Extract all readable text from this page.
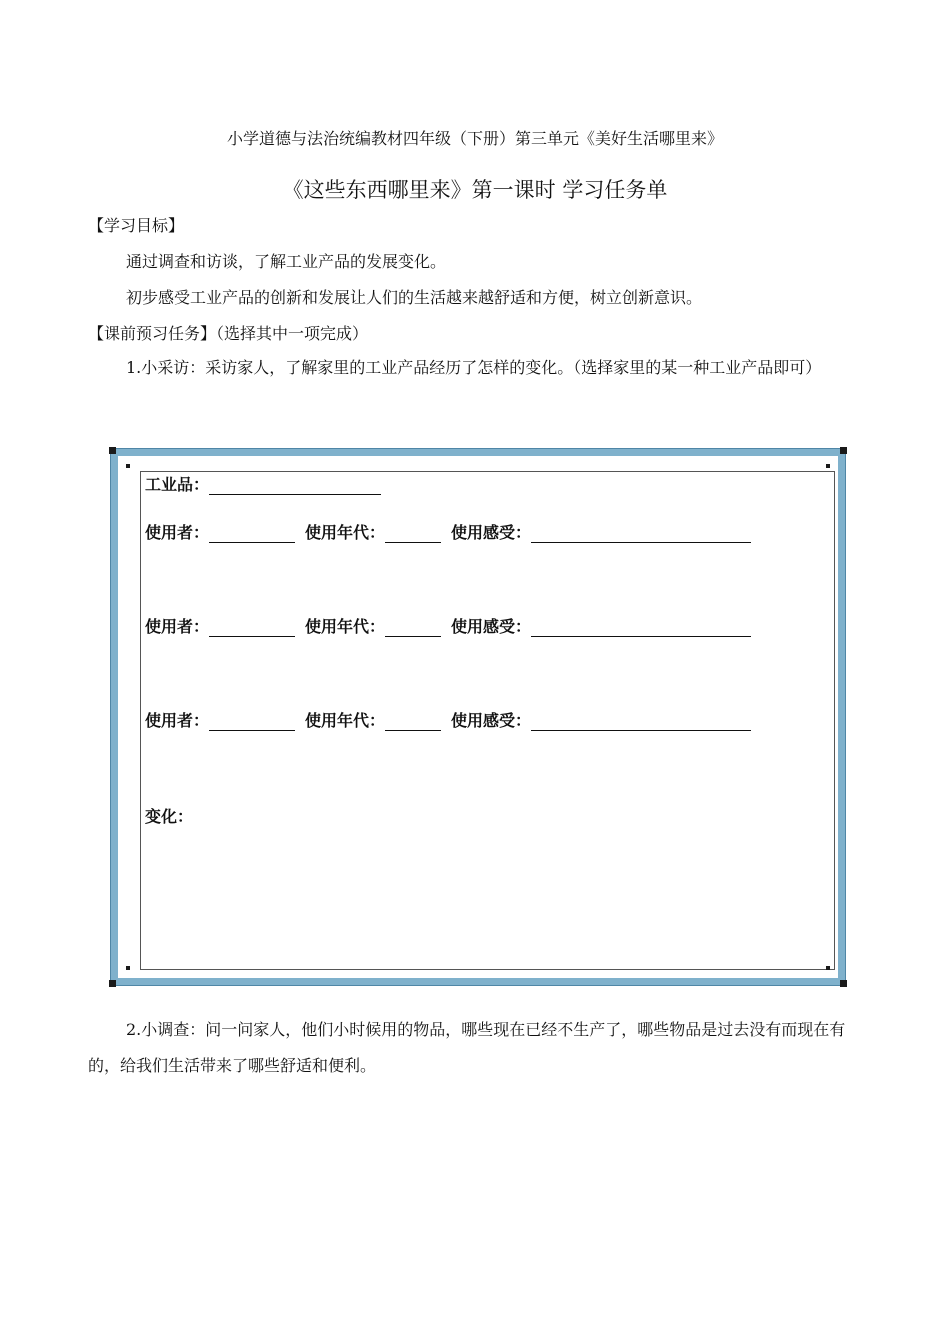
小学道德与法治统编教材四年级（下册）第三单元《美好生活哪里来》
《这些东西哪里来》第一课时 学习任务单
【学习目标】
通过调查和访谈，了解工业产品的发展变化。
初步感受工业产品的创新和发展让人们的生活越来越舒适和方便，树立创新意识。
【课前预习任务】（选择其中一项完成）
1.小采访：采访家人，了解家里的工业产品经历了怎样的变化。（选择家里的某一种工业产品即可）
工业品：
使用者：	使用年代：	使用感受：
使用者：	使用年代：	使用感受：
使用者：	使用年代：	使用感受：
变化：
2.小调查：问一问家人，他们小时候用的物品，哪些现在已经不生产了，哪些物品是过去没有而现在有的，给我们生活带来了哪些舒适和便利。
